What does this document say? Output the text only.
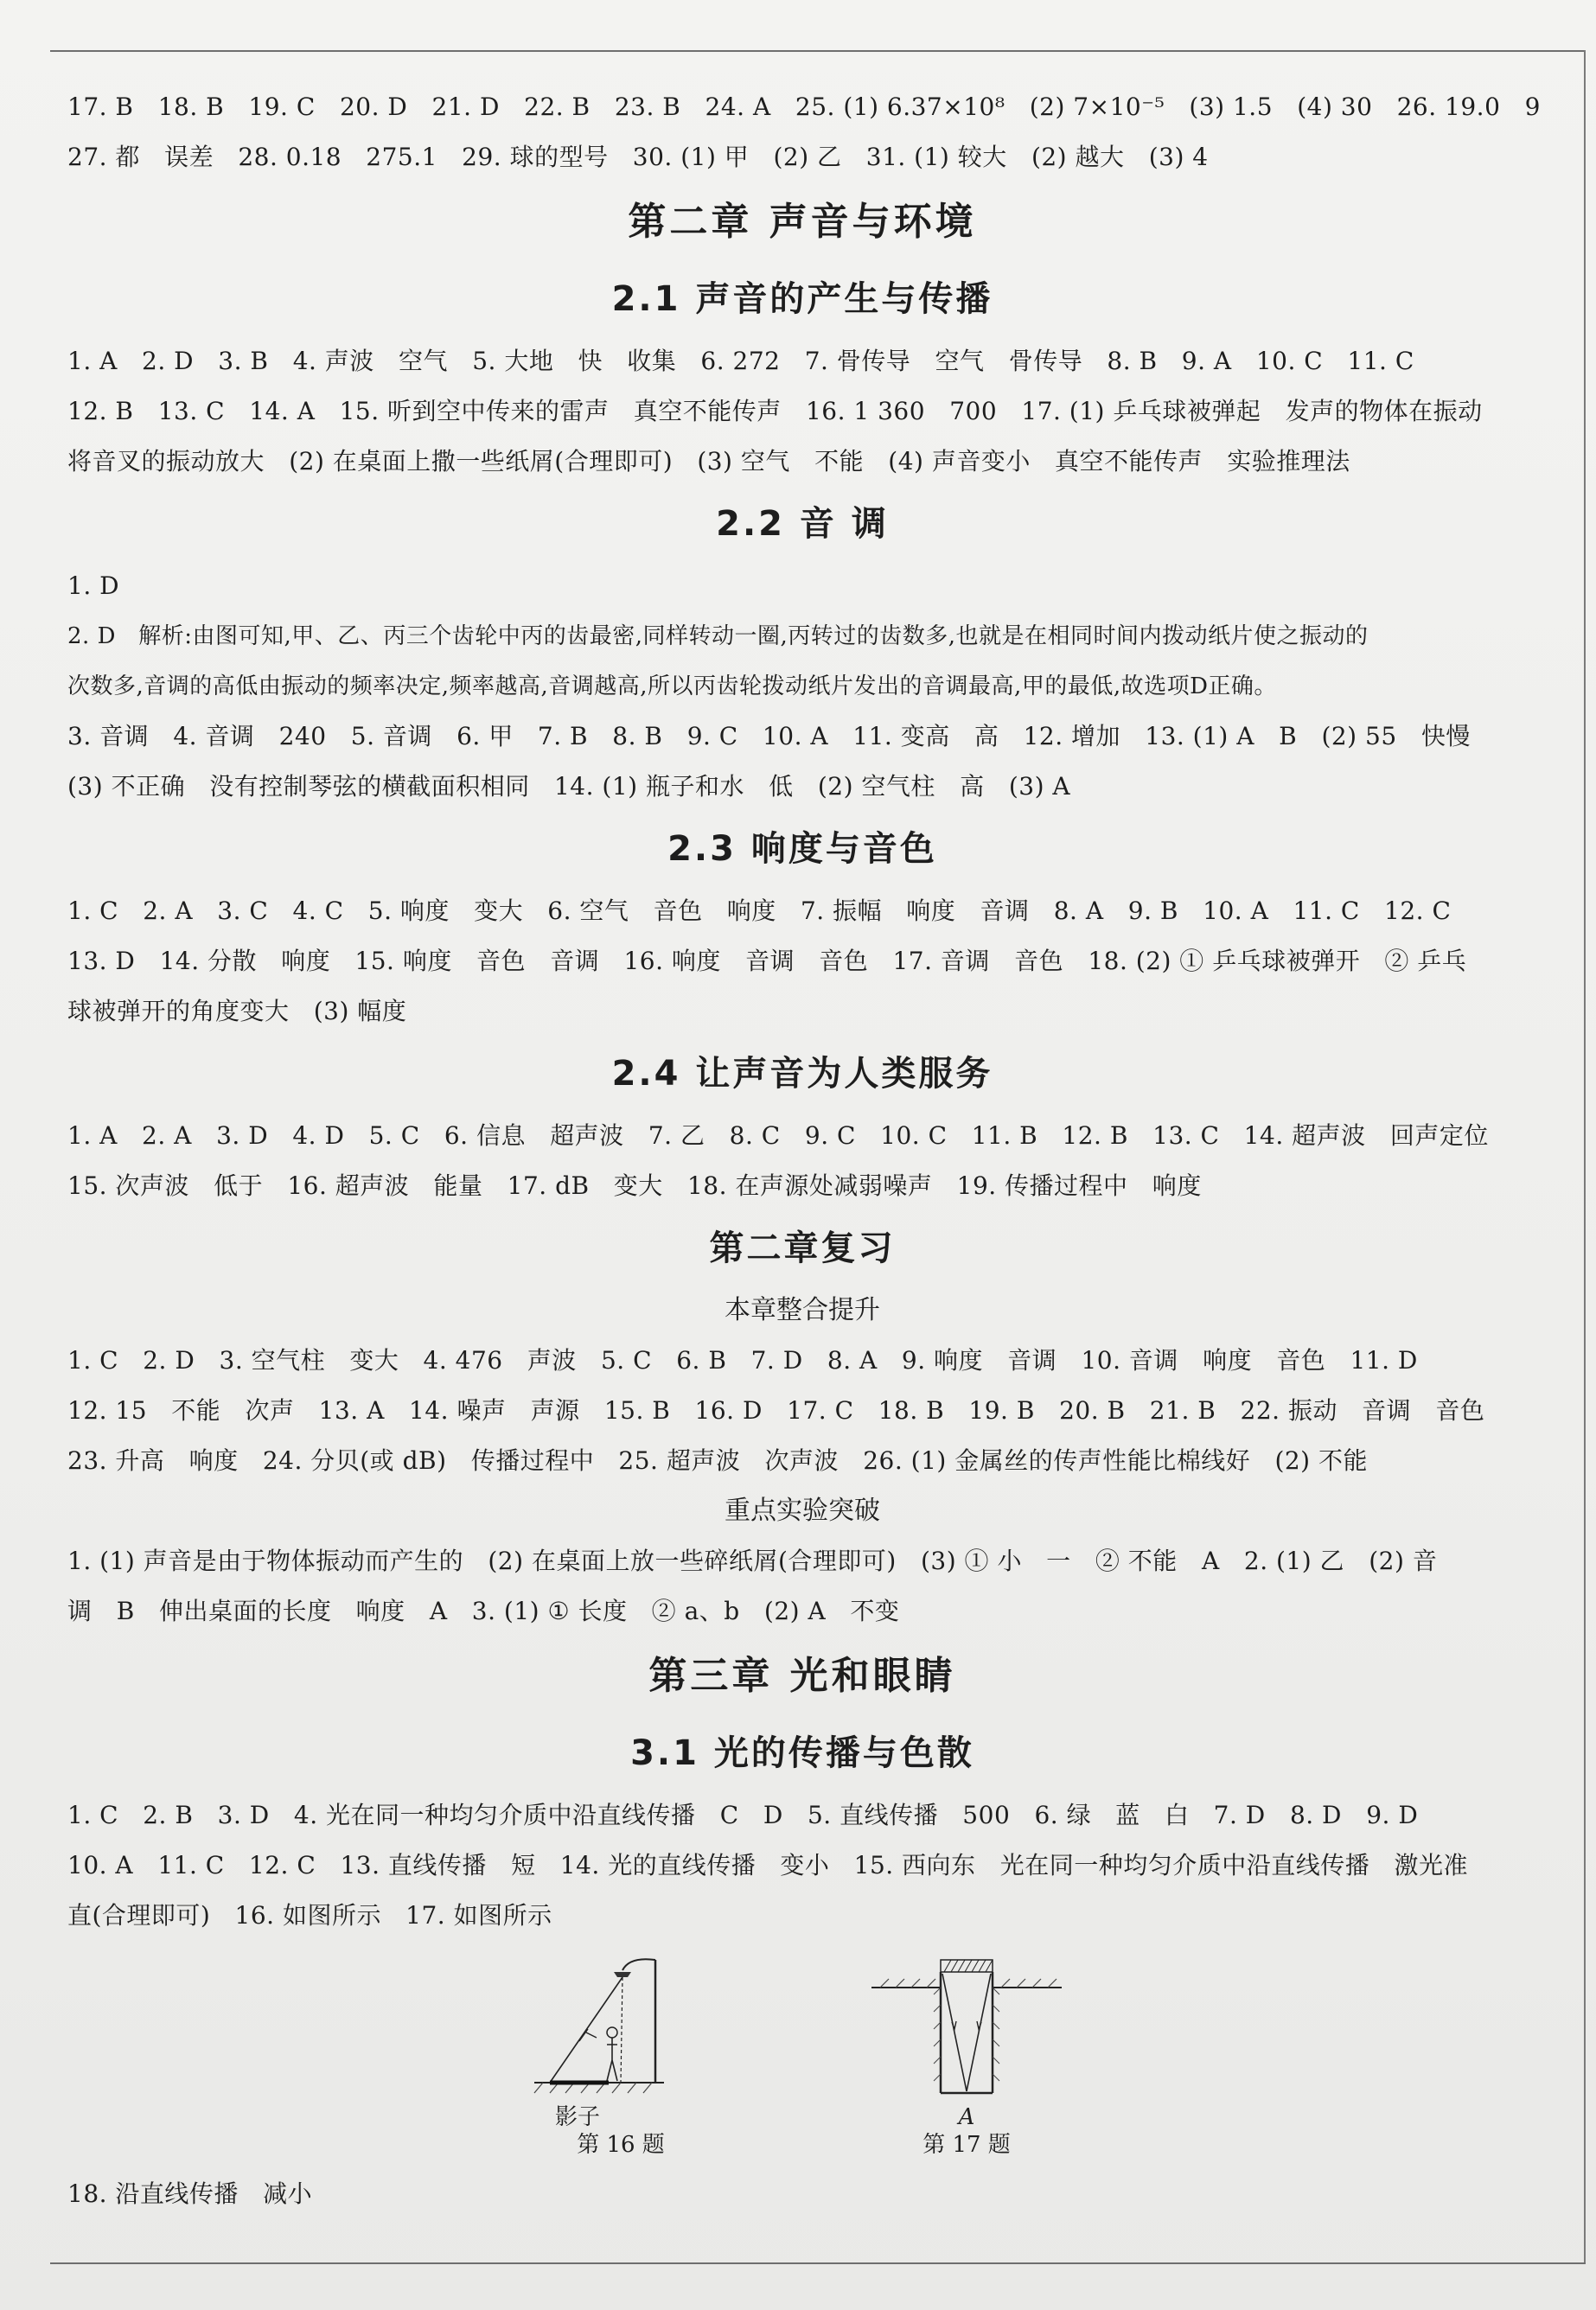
17. B   18. B   19. C   20. D   21. D   22. B   23. B   24. A   25. (1) 6.37×10⁸   (2) 7×10⁻⁵   (3) 1.5   (4) 30   26. 19.0   9
27. 都   误差   28. 0.18   275.1   29. 球的型号   30. (1) 甲   (2) 乙   31. (1) 较大   (2) 越大   (3) 4
第二章 声音与环境
2.1 声音的产生与传播
1. A   2. D   3. B   4. 声波   空气   5. 大地   快   收集   6. 272   7. 骨传导   空气   骨传导   8. B   9. A   10. C   11. C
12. B   13. C   14. A   15. 听到空中传来的雷声   真空不能传声   16. 1 360   700   17. (1) 乒乓球被弹起   发声的物体在振动
将音叉的振动放大   (2) 在桌面上撒一些纸屑(合理即可)   (3) 空气   不能   (4) 声音变小   真空不能传声   实验推理法
2.2 音 调
1. D
2. D   解析:由图可知,甲、乙、丙三个齿轮中丙的齿最密,同样转动一圈,丙转过的齿数多,也就是在相同时间内拨动纸片使之振动的
次数多,音调的高低由振动的频率决定,频率越高,音调越高,所以丙齿轮拨动纸片发出的音调最高,甲的最低,故选项D正确。
3. 音调   4. 音调   240   5. 音调   6. 甲   7. B   8. B   9. C   10. A   11. 变高   高   12. 增加   13. (1) A   B   (2) 55   快慢
(3) 不正确   没有控制琴弦的横截面积相同   14. (1) 瓶子和水   低   (2) 空气柱   高   (3) A
2.3 响度与音色
1. C   2. A   3. C   4. C   5. 响度   变大   6. 空气   音色   响度   7. 振幅   响度   音调   8. A   9. B   10. A   11. C   12. C
13. D   14. 分散   响度   15. 响度   音色   音调   16. 响度   音调   音色   17. 音调   音色   18. (2) ① 乒乓球被弹开   ② 乒乓
球被弹开的角度变大   (3) 幅度
2.4 让声音为人类服务
1. A   2. A   3. D   4. D   5. C   6. 信息   超声波   7. 乙   8. C   9. C   10. C   11. B   12. B   13. C   14. 超声波   回声定位
15. 次声波   低于   16. 超声波   能量   17. dB   变大   18. 在声源处减弱噪声   19. 传播过程中   响度
第二章复习
本章整合提升
1. C   2. D   3. 空气柱   变大   4. 476   声波   5. C   6. B   7. D   8. A   9. 响度   音调   10. 音调   响度   音色   11. D
12. 15   不能   次声   13. A   14. 噪声   声源   15. B   16. D   17. C   18. B   19. B   20. B   21. B   22. 振动   音调   音色
23. 升高   响度   24. 分贝(或 dB)   传播过程中   25. 超声波   次声波   26. (1) 金属丝的传声性能比棉线好   (2) 不能
重点实验突破
1. (1) 声音是由于物体振动而产生的   (2) 在桌面上放一些碎纸屑(合理即可)   (3) ① 小   一   ② 不能   A   2. (1) 乙   (2) 音
调   B   伸出桌面的长度   响度   A   3. (1) ① 长度   ② a、b   (2) A   不变
第三章 光和眼睛
3.1 光的传播与色散
1. C   2. B   3. D   4. 光在同一种均匀介质中沿直线传播   C   D   5. 直线传播   500   6. 绿   蓝   白   7. D   8. D   9. D
10. A   11. C   12. C   13. 直线传播   短   14. 光的直线传播   变小   15. 西向东   光在同一种均匀介质中沿直线传播   激光准
直(合理即可)   16. 如图所示   17. 如图所示
影子
第 16 题
A
第 17 题
18. 沿直线传播   减小
